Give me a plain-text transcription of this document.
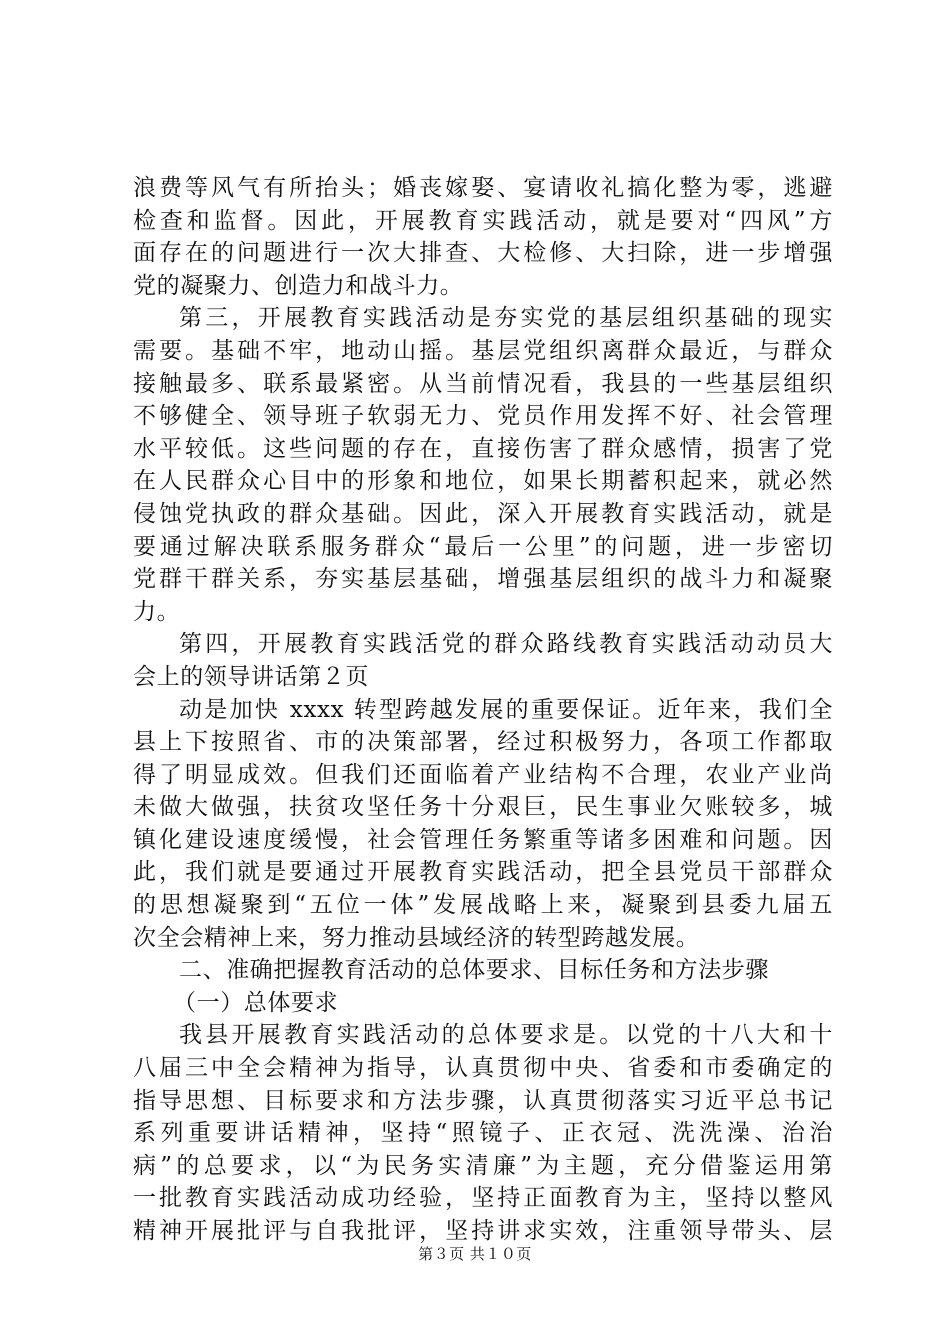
浪费等风气有所抬头；婚丧嫁娶、宴请收礼搞化整为零，逃避
检查和监督。因此，开展教育实践活动，就是要对“四风”方
面存在的问题进行一次大排查、大检修、大扫除，进一步增强
党的凝聚力、创造力和战斗力。
第三，开展教育实践活动是夯实党的基层组织基础的现实
需要。基础不牢，地动山摇。基层党组织离群众最近，与群众
接触最多、联系最紧密。从当前情况看，我县的一些基层组织
不够健全、领导班子软弱无力、党员作用发挥不好、社会管理
水平较低。这些问题的存在，直接伤害了群众感情，损害了党
在人民群众心目中的形象和地位，如果长期蓄积起来，就必然
侵蚀党执政的群众基础。因此，深入开展教育实践活动，就是
要通过解决联系服务群众“最后一公里”的问题，进一步密切
党群干群关系，夯实基层基础，增强基层组织的战斗力和凝聚
力。
第四，开展教育实践活党的群众路线教育实践活动动员大
会上的领导讲话第２页
动是加快 xxxx 转型跨越发展的重要保证。近年来，我们全
县上下按照省、市的决策部署，经过积极努力，各项工作都取
得了明显成效。但我们还面临着产业结构不合理，农业产业尚
未做大做强，扶贫攻坚任务十分艰巨，民生事业欠账较多，城
镇化建设速度缓慢，社会管理任务繁重等诸多困难和问题。因
此，我们就是要通过开展教育实践活动，把全县党员干部群众
的思想凝聚到“五位一体”发展战略上来，凝聚到县委九届五
次全会精神上来，努力推动县域经济的转型跨越发展。
二、准确把握教育活动的总体要求、目标任务和方法步骤
（一）总体要求
我县开展教育实践活动的总体要求是。以党的十八大和十
八届三中全会精神为指导，认真贯彻中央、省委和市委确定的
指导思想、目标要求和方法步骤，认真贯彻落实习近平总书记
系列重要讲话精神，坚持“照镜子、正衣冠、洗洗澡、治治
病”的总要求，以“为民务实清廉”为主题，充分借鉴运用第
一批教育实践活动成功经验，坚持正面教育为主，坚持以整风
精神开展批评与自我批评，坚持讲求实效，注重领导带头、层
第３页 共１０页
